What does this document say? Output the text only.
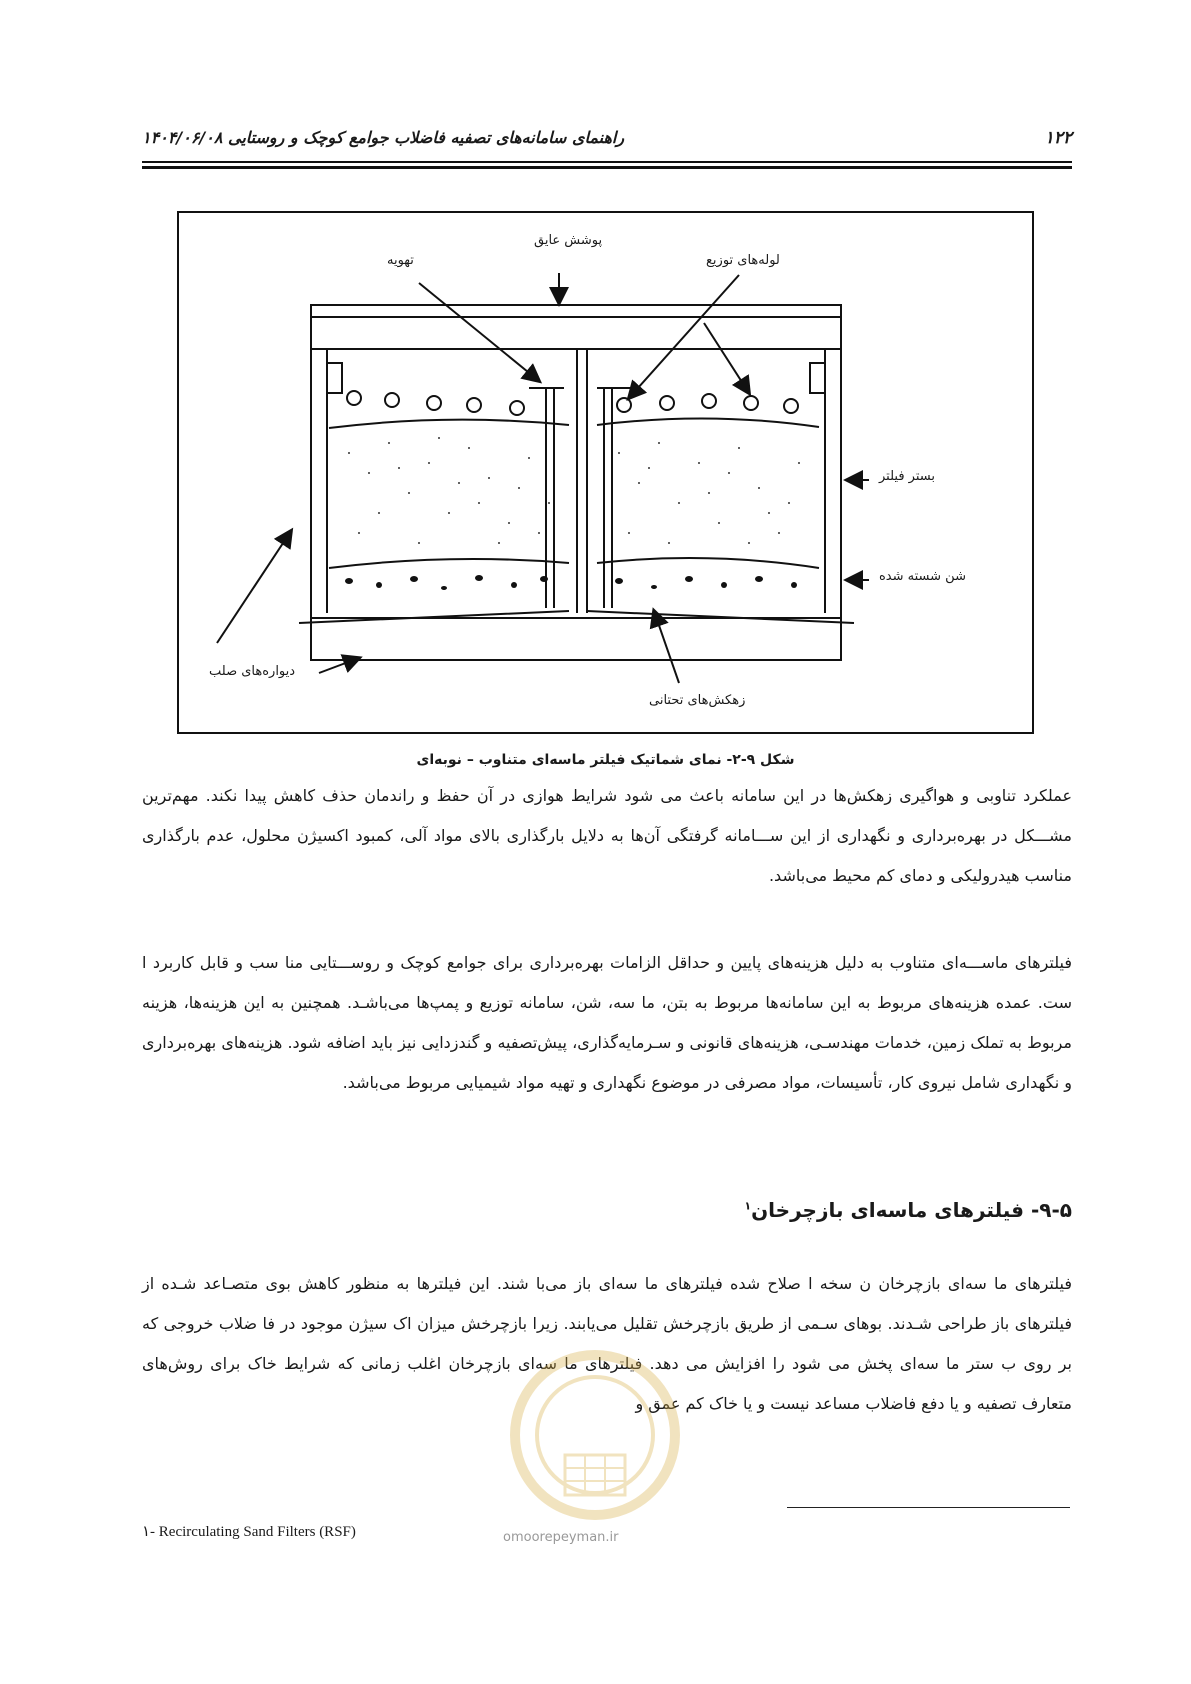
۱۲۲
راهنمای سامانه‌های تصفیه فاضلاب جوامع کوچک و روستایی ۱۴۰۴/۰۶/۰۸
پوشش عایق
تهویه	لوله‌های توزیع
بستر فیلتر
شن شسته شده
دیواره‌های صلب
زهکش‌های تحتانی
شکل ۹-۲- نمای شماتیک فیلتر ماسه‌ای متناوب – نوبه‌ای

عملکرد تناوبی و هواگیری زهکش‌ها در این سامانه باعث می شود شرایط هوازی در آن حفظ و راندمان حذف کاهش پیدا نکند. مهم‌ترین مشـــکل در بهره‌برداری و نگهداری از این ســـامانه گرفتگی آن‌ها به دلایل بارگذاری بالای مواد آلی، کمبود اکسیژن محلول، عدم بارگذاری مناسب هیدرولیکی و دمای کم محیط می‌باشد.

فیلترهای ماســـه‌ای متناوب به دلیل هزینه‌های پایین و حداقل الزامات بهره‌برداری برای جوامع کوچک و روســـتایی منا سب و قابل کاربرد ا ست. عمده هزینه‌های مربوط به این سامانه‌ها مربوط به بتن، ما سه، شن، سامانه توزیع و پمپ‌ها می‌باشـد. همچنین به این هزینه‌ها، هزینه مربوط به تملک زمین، خدمات مهندسـی، هزینه‌های قانونی و سـرمایه‌گذاری، پیش‌تصفیه و گندزدایی نیز باید اضافه شود. هزینه‌های بهره‌برداری و نگهداری شامل نیروی کار، تأسیسات، مواد مصرفی در موضوع نگهداری و تهیه مواد شیمیایی مربوط می‌باشد.

۹-۵- فیلترهای ماسه‌ای بازچرخان$^۱$

فیلترهای ما سه‌ای بازچرخان ن سخه ا صلاح شده فیلترهای ما سه‌ای باز می‌با شند. این فیلترها به منظور کاهش بوی متصـاعد شـده از فیلترهای باز طراحی شـدند. بوهای سـمی از طریق بازچرخش تقلیل می‌یابند. زیرا بازچرخش میزان اک سیژن موجود در فا ضلاب خروجی که بر روی ب ستر ما سه‌ای پخش می شود را افزایش می دهد. فیلترهای ما سه‌ای بازچرخان اغلب زمانی که شرایط خاک برای روش‌های متعارف تصفیه و یا دفع فاضلاب مساعد نیست و یا خاک کم عمق و

omoorepeyman.ir
۱- Recirculating Sand Filters (RSF)
